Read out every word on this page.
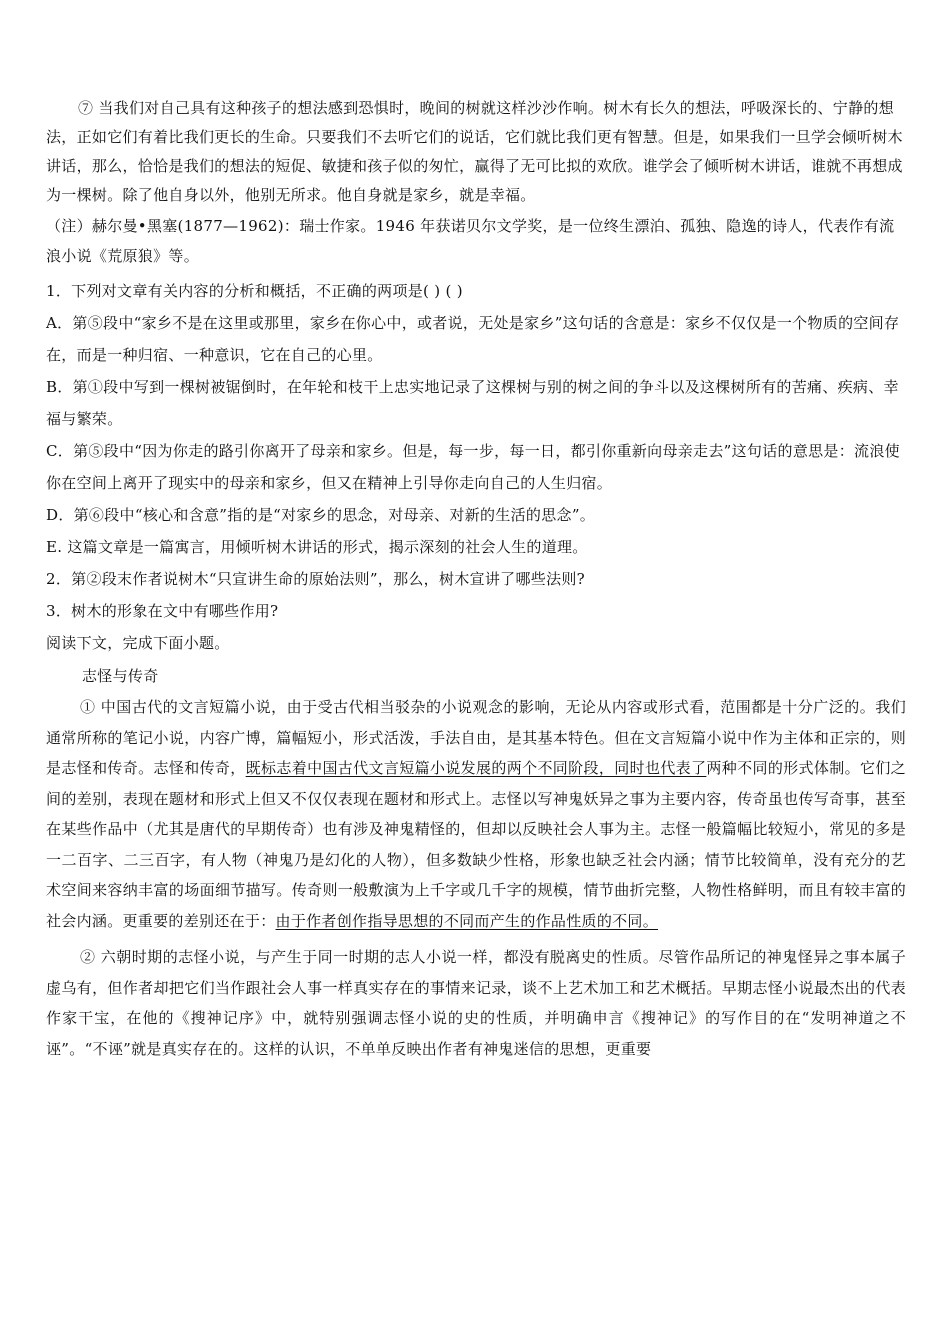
⑦ 当我们对自己具有这种孩子的想法感到恐惧时，晚间的树就这样沙沙作响。树木有长久的想法，呼吸深长的、宁静的想法，正如它们有着比我们更长的生命。只要我们不去听它们的说话，它们就比我们更有智慧。但是，如果我们一旦学会倾听树木讲话，那么，恰恰是我们的想法的短促、敏捷和孩子似的匆忙，赢得了无可比拟的欢欣。谁学会了倾听树木讲话，谁就不再想成为一棵树。除了他自身以外，他别无所求。他自身就是家乡，就是幸福。

（注）赫尔曼•黑塞(1877—1962)：瑞士作家。1946 年获诺贝尔文学奖，是一位终生漂泊、孤独、隐逸的诗人，代表作有流浪小说《荒原狼》等。

1．下列对文章有关内容的分析和概括，不正确的两项是( ) ( )

A．第⑤段中“家乡不是在这里或那里，家乡在你心中，或者说，无处是家乡”这句话的含意是：家乡不仅仅是一个物质的空间存在，而是一种归宿、一种意识，它在自己的心里。

B．第①段中写到一棵树被锯倒时，在年轮和枝干上忠实地记录了这棵树与别的树之间的争斗以及这棵树所有的苦痛、疾病、幸福与繁荣。

C．第⑤段中“因为你走的路引你离开了母亲和家乡。但是，每一步，每一日，都引你重新向母亲走去”这句话的意思是：流浪使你在空间上离开了现实中的母亲和家乡，但又在精神上引导你走向自己的人生归宿。

D．第⑥段中“核心和含意”指的是“对家乡的思念，对母亲、对新的生活的思念”。

E. 这篇文章是一篇寓言，用倾听树木讲话的形式，揭示深刻的社会人生的道理。

2．第②段末作者说树木“只宣讲生命的原始法则”，那么，树木宣讲了哪些法则?

3．树木的形象在文中有哪些作用?

阅读下文，完成下面小题。

志怪与传奇

① 中国古代的文言短篇小说，由于受古代相当驳杂的小说观念的影响，无论从内容或形式看，范围都是十分广泛的。我们通常所称的笔记小说，内容广博，篇幅短小，形式活泼，手法自由，是其基本特色。但在文言短篇小说中作为主体和正宗的，则是志怪和传奇。志怪和传奇，既标志着中国古代文言短篇小说发展的两个不同阶段，同时也代表了两种不同的形式体制。它们之间的差别，表现在题材和形式上但又不仅仅表现在题材和形式上。志怪以写神鬼妖异之事为主要内容，传奇虽也传写奇事，甚至在某些作品中（尤其是唐代的早期传奇）也有涉及神鬼精怪的，但却以反映社会人事为主。志怪一般篇幅比较短小，常见的多是一二百字、二三百字，有人物（神鬼乃是幻化的人物），但多数缺少性格，形象也缺乏社会内涵；情节比较简单，没有充分的艺术空间来容纳丰富的场面细节描写。传奇则一般敷演为上千字或几千字的规模，情节曲折完整，人物性格鲜明，而且有较丰富的社会内涵。更重要的差别还在于：由于作者创作指导思想的不同而产生的作品性质的不同。

② 六朝时期的志怪小说，与产生于同一时期的志人小说一样，都没有脱离史的性质。尽管作品所记的神鬼怪异之事本属子虚乌有，但作者却把它们当作跟社会人事一样真实存在的事情来记录，谈不上艺术加工和艺术概括。早期志怪小说最杰出的代表作家干宝，在他的《搜神记序》中，就特别强调志怪小说的史的性质，并明确申言《搜神记》的写作目的在“发明神道之不诬”。“不诬”就是真实存在的。这样的认识，不单单反映出作者有神鬼迷信的思想，更重要
